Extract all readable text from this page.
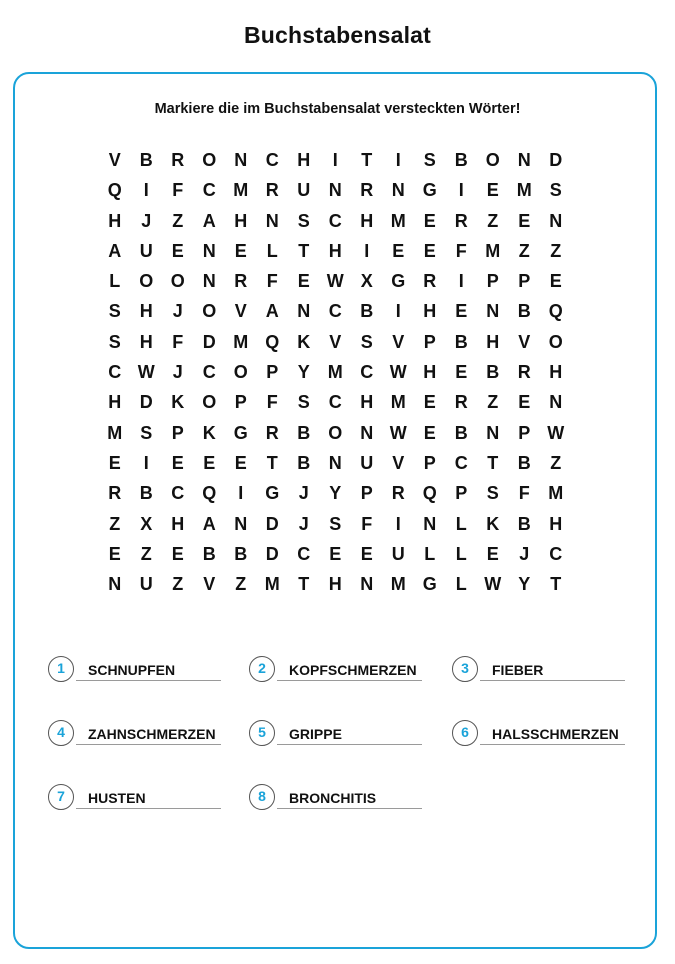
Buchstabensalat
Markiere die im Buchstabensalat versteckten Wörter!
V	B	R O	N	C	H	I	T	I	S	B O	N	D
Q	I	F	C M R	U	N	R	N G	I	E	M S
H	J	Z	A	H	N	S	C	H M E	R	Z	E	N
A	U	E	N	E	L	T	H	I	E	E	F	M	Z	Z
L	O O	N	R	F	E W X	G	R	I	P	P	E
S	H	J	O	V	A	N	C	B	I	H	E	N	B Q
S	H	F	D M Q	K	V	S	V	P	B	H	V	O
C W J	C O	P	Y	M C W H	E	B	R	H
H	D	K O	P	F	S	C	H M E	R	Z	E	N
M S	P	K G	R	B O	N W E	B	N	P W
E	I	E	E	E	T	B	N	U	V	P	C	T	B	Z
R	B	C Q	I	G	J	Y	P	R Q	P	S	F	M
Z	X	H	A	N	D	J	S	F	I	N	L	K	B	H
E	Z	E	B	B	D	C	E	E	U	L	L	E	J	C
N	U	Z	V	Z	M	T	H	N M G	L W Y	T
1	SCHNUPFEN	2	KOPFSCHMERZEN	3	FIEBER
4	ZAHNSCHMERZEN	5	GRIPPE	6	HALSSCHMERZEN
7	HUSTEN	8	BRONCHITIS
